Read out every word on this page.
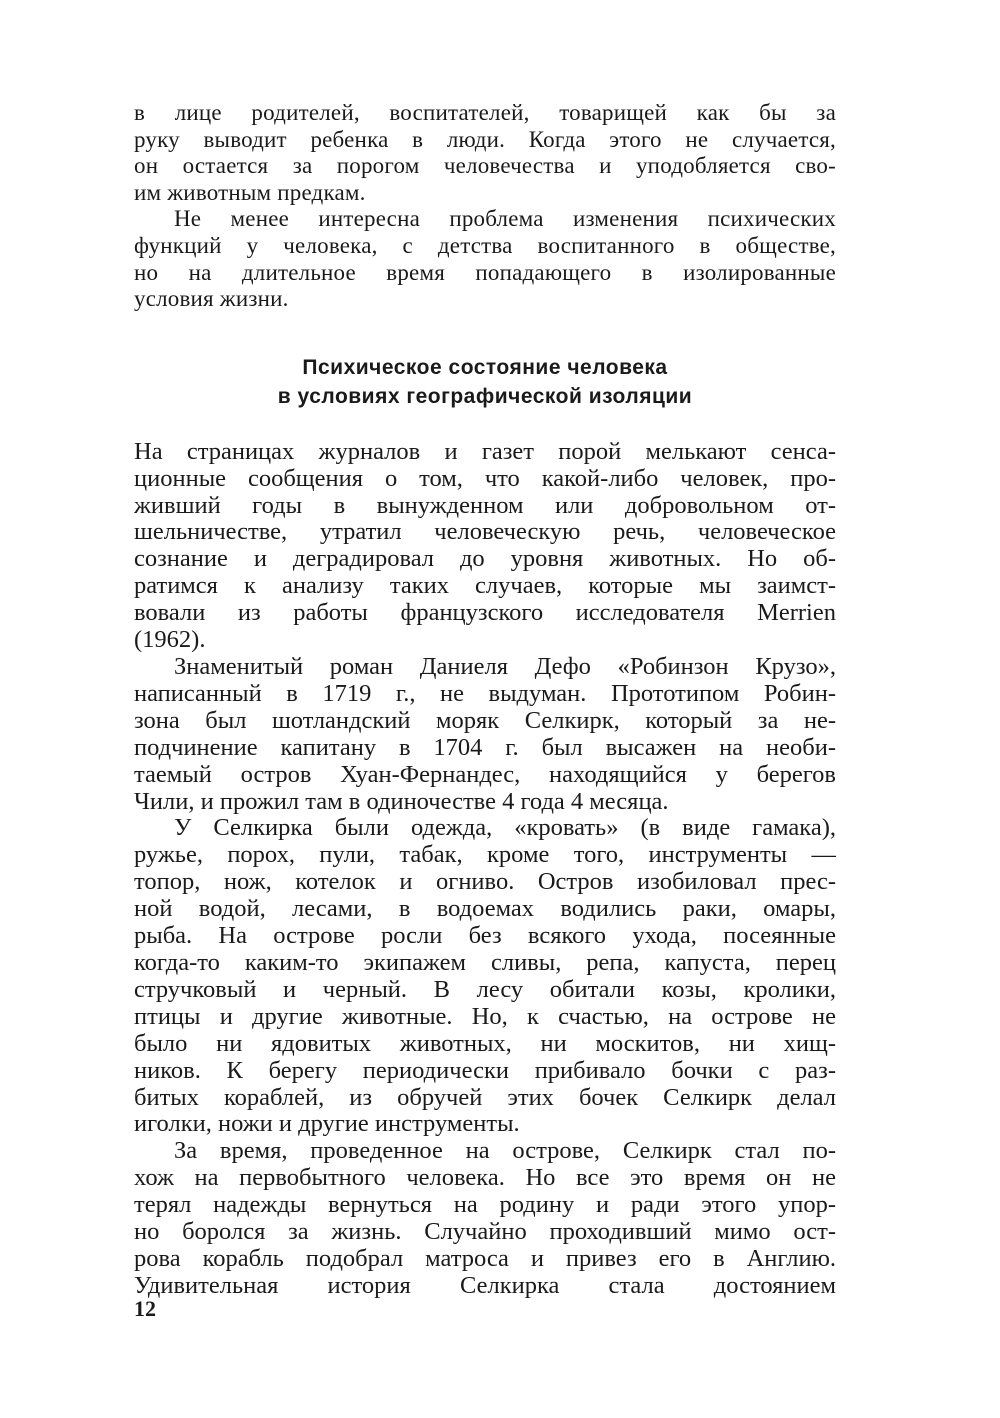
в лице родителей, воспитателей, товарищей как бы за
руку выводит ребенка в люди. Когда этого не случается,
он остается за порогом человечества и уподобляется сво-
им животным предкам.
Не менее интересна проблема изменения психических
функций у человека, с детства воспитанного в обществе,
но на длительное время попадающего в изолированные
условия жизни.
Психическое состояние человека
в условиях географической изоляции
На страницах журналов и газет порой мелькают сенса-
ционные сообщения о том, что какой-либо человек, про-
живший годы в вынужденном или добровольном от-
шельничестве, утратил человеческую речь, человеческое
сознание и деградировал до уровня животных. Но об-
ратимся к анализу таких случаев, которые мы заимст-
вовали из работы французского исследователя Merrien
(1962).
Знаменитый роман Даниеля Дефо «Робинзон Крузо»,
написанный в 1719 г., не выдуман. Прототипом Робин-
зона был шотландский моряк Селкирк, который за не-
подчинение капитану в 1704 г. был высажен на необи-
таемый остров Хуан-Фернандес, находящийся у берегов
Чили, и прожил там в одиночестве 4 года 4 месяца.
У Селкирка были одежда, «кровать» (в виде гамака),
ружье, порох, пули, табак, кроме того, инструменты —
топор, нож, котелок и огниво. Остров изобиловал прес-
ной водой, лесами, в водоемах водились раки, омары,
рыба. На острове росли без всякого ухода, посеянные
когда-то каким-то экипажем сливы, репа, капуста, перец
стручковый и черный. В лесу обитали козы, кролики,
птицы и другие животные. Но, к счастью, на острове не
было ни ядовитых животных, ни москитов, ни хищ-
ников. К берегу периодически прибивало бочки с раз-
битых кораблей, из обручей этих бочек Селкирк делал
иголки, ножи и другие инструменты.
За время, проведенное на острове, Селкирк стал по-
хож на первобытного человека. Но все это время он не
терял надежды вернуться на родину и ради этого упор-
но боролся за жизнь. Случайно проходивший мимо ост-
рова корабль подобрал матроса и привез его в Англию.
Удивительная история Селкирка стала достоянием
12
